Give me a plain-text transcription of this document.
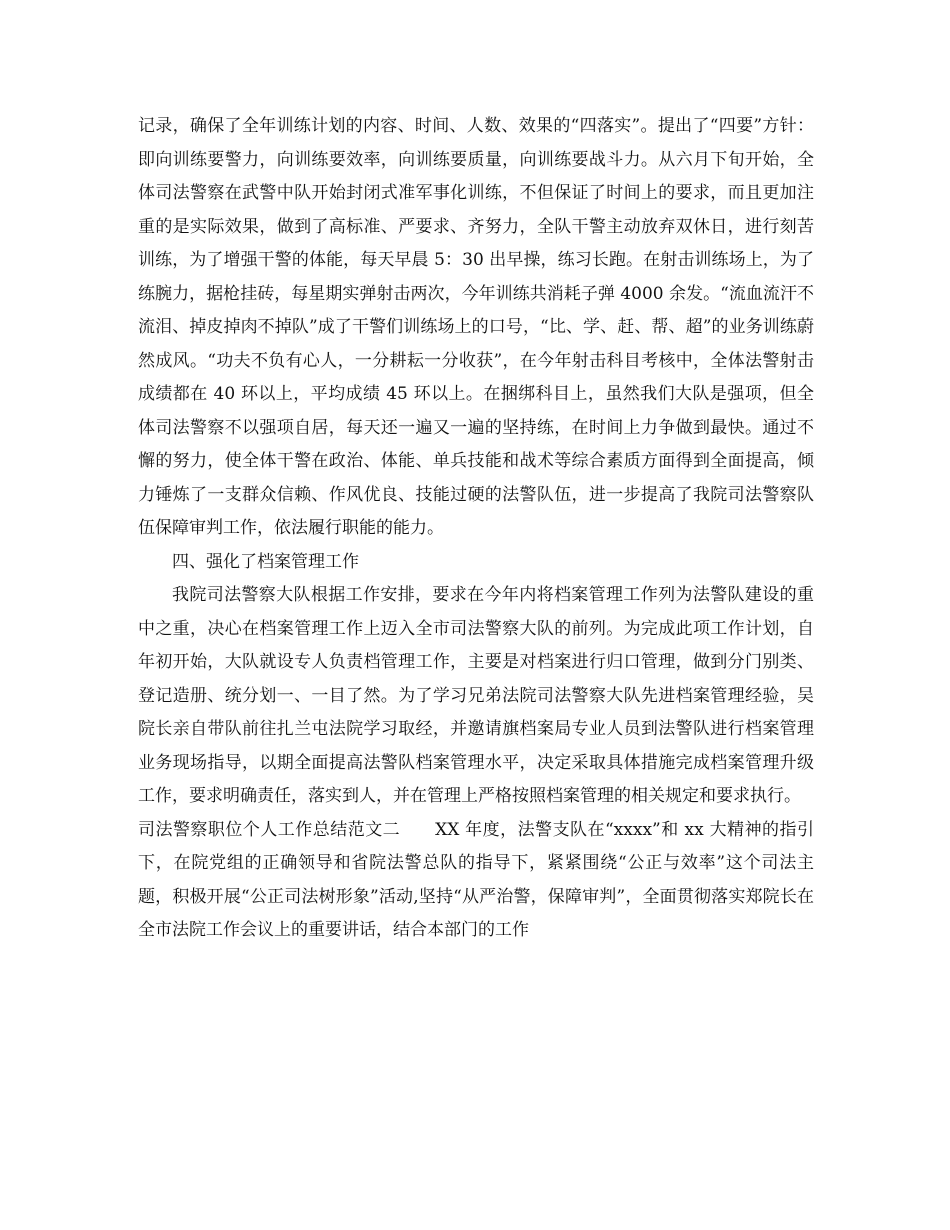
记录，确保了全年训练计划的内容、时间、人数、效果的“四落实”。提出了“四要”方针：即向训练要警力，向训练要效率，向训练要质量，向训练要战斗力。从六月下旬开始，全体司法警察在武警中队开始封闭式准军事化训练，不但保证了时间上的要求，而且更加注重的是实际效果，做到了高标准、严要求、齐努力，全队干警主动放弃双休日，进行刻苦训练，为了增强干警的体能，每天早晨 5：30 出早操，练习长跑。在射击训练场上，为了练腕力，据枪挂砖，每星期实弹射击两次，今年训练共消耗子弹 4000 余发。“流血流汗不流泪、掉皮掉肉不掉队”成了干警们训练场上的口号，“比、学、赶、帮、超”的业务训练蔚然成风。“功夫不负有心人，一分耕耘一分收获”，在今年射击科目考核中，全体法警射击成绩都在 40 环以上，平均成绩 45 环以上。在捆绑科目上，虽然我们大队是强项，但全体司法警察不以强项自居，每天还一遍又一遍的坚持练，在时间上力争做到最快。通过不懈的努力，使全体干警在政治、体能、单兵技能和战术等综合素质方面得到全面提高，倾力锤炼了一支群众信赖、作风优良、技能过硬的法警队伍，进一步提高了我院司法警察队伍保障审判工作，依法履行职能的能力。

四、强化了档案管理工作

我院司法警察大队根据工作安排，要求在今年内将档案管理工作列为法警队建设的重中之重，决心在档案管理工作上迈入全市司法警察大队的前列。为完成此项工作计划，自年初开始，大队就设专人负责档管理工作，主要是对档案进行归口管理，做到分门别类、登记造册、统分划一、一目了然。为了学习兄弟法院司法警察大队先进档案管理经验，吴院长亲自带队前往扎兰屯法院学习取经，并邀请旗档案局专业人员到法警队进行档案管理业务现场指导，以期全面提高法警队档案管理水平，决定采取具体措施完成档案管理升级工作，要求明确责任，落实到人，并在管理上严格按照档案管理的相关规定和要求执行。

司法警察职位个人工作总结范文二　　XX 年度，法警支队在“xxxx”和 xx 大精神的指引下，在院党组的正确领导和省院法警总队的指导下，紧紧围绕“公正与效率”这个司法主题，积极开展“公正司法树形象”活动,坚持“从严治警，保障审判”，全面贯彻落实郑院长在全市法院工作会议上的重要讲话，结合本部门的工作
